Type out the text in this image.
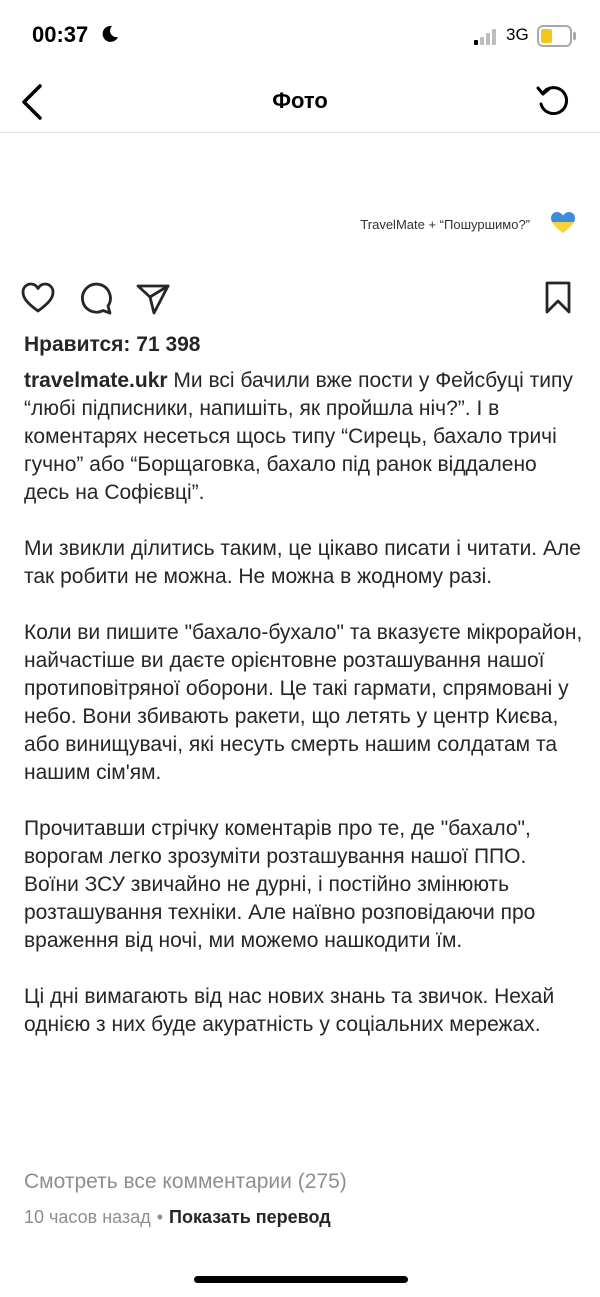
00:37	3G
Фото
TravelMate + “Пошуршимо?”
Нравится: 71 398

travelmate.ukr Ми всі бачили вже пости у Фейсбуці типу “любі підписники, напишіть, як пройшла ніч?”. І в коментарях несеться щось типу “Сирець, бахало тричі гучно” або “Борщаговка, бахало під ранок віддалено десь на Софієвці”.

Ми звикли ділитись таким, це цікаво писати і читати. Але так робити не можна. Не можна в жодному разі.

Коли ви пишите "бахало-бухало" та вказуєте мікрорайон, найчастіше ви даєте орієнтовне розташування нашої протиповітряної оборони. Це такі гармати, спрямовані у небо. Вони збивають ракети, що летять у центр Києва, або винищувачі, які несуть смерть нашим солдатам та нашим сім'ям.

Прочитавши стрічку коментарів про те, де "бахало", ворогам легко зрозуміти розташування нашої ППО. Воїни ЗСУ звичайно не дурні, і постійно змінюють розташування техніки. Але наївно розповідаючи про враження від ночі, ми можемо нашкодити їм.

Ці дні вимагають від нас нових знань та звичок. Нехай однією з них буде акуратність у соціальних мережах.

Смотреть все комментарии (275)
10 часов назад • Показать перевод
